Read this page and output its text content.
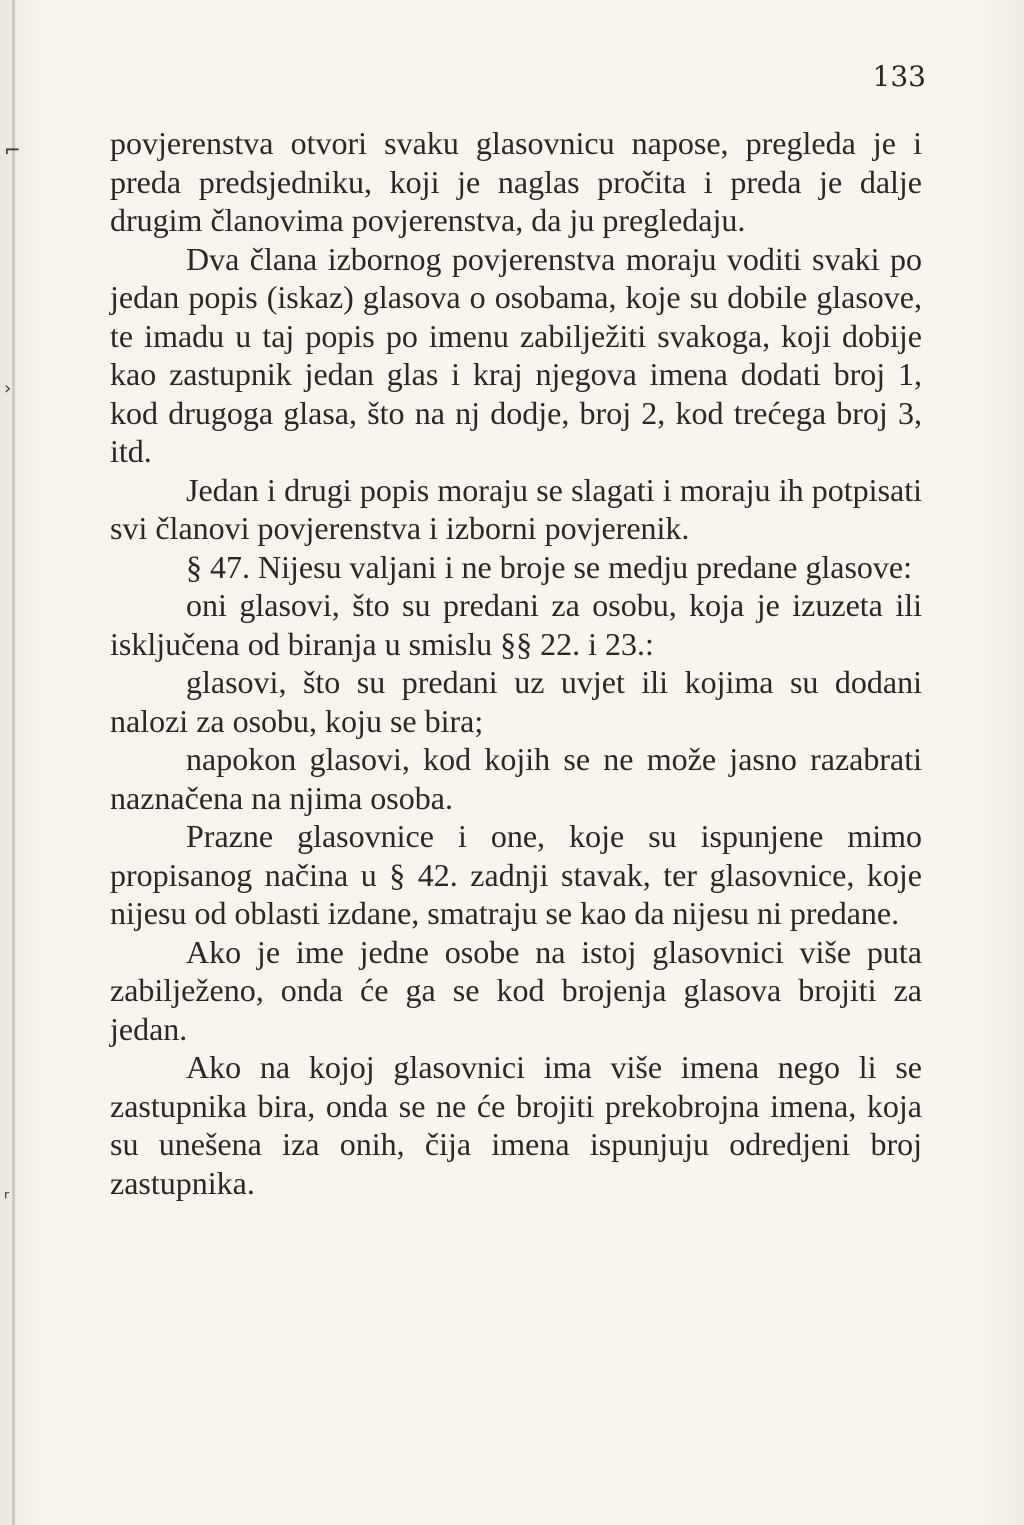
⌐
›
ʳ
133

povjerenstva otvori svaku glasovnicu napose, pregleda je i preda predsjedniku, koji je naglas pročita i preda je dalje drugim članovima povjerenstva, da ju pregledaju.

Dva člana izbornog povjerenstva moraju voditi svaki po jedan popis (iskaz) glasova o osobama, koje su dobile glasove, te imadu u taj popis po imenu zabilježiti svakoga, koji dobije kao zastupnik jedan glas i kraj njegova imena dodati broj 1, kod drugoga glasa, što na nj dodje, broj 2, kod trećega broj 3, itd.

Jedan i drugi popis moraju se slagati i moraju ih potpisati svi članovi povjerenstva i izborni povjerenik.

§ 47. Nijesu valjani i ne broje se medju predane glasove:

oni glasovi, što su predani za osobu, koja je izuzeta ili isključena od biranja u smislu §§ 22. i 23.:

glasovi, što su predani uz uvjet ili kojima su dodani nalozi za osobu, koju se bira;

napokon glasovi, kod kojih se ne može jasno razabrati naznačena na njima osoba.

Prazne glasovnice i one, koje su ispunjene mimo propisanog načina u § 42. zadnji stavak, ter glasovnice, koje nijesu od oblasti izdane, smatraju se kao da nijesu ni predane.

Ako je ime jedne osobe na istoj glasovnici više puta zabilježeno, onda će ga se kod brojenja glasova brojiti za jedan.

Ako na kojoj glasovnici ima više imena nego li se zastupnika bira, onda se ne će brojiti prekobrojna imena, koja su unešena iza onih, čija imena ispunjuju odredjeni broj zastupnika.
